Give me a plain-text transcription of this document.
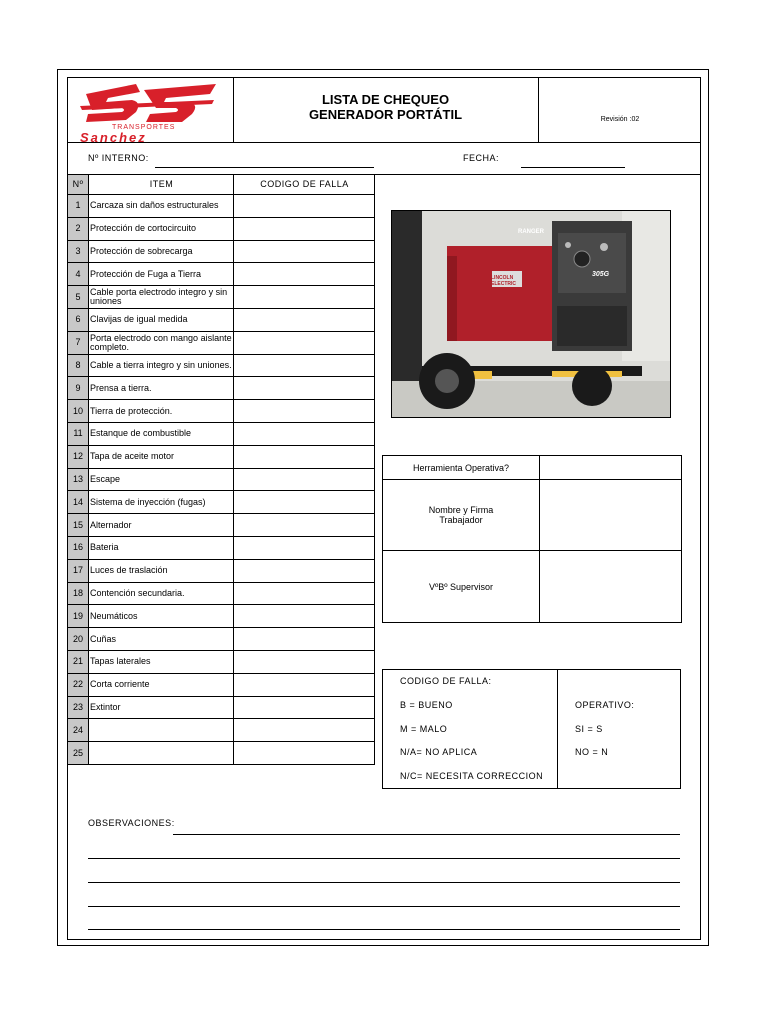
TRANSPORTES
Sanchez
LISTA DE CHEQUEO
GENERADOR PORTÁTIL	Revisión :02
Nº INTERNO:	FECHA:
Nº	ITEM	CODIGO DE FALLA
1	Carcaza sin daños estructurales	
2	Protección de cortocircuito	
3	Protección de sobrecarga	
4	Protección de Fuga a Tierra	
5	Cable porta electrodo integro y sin uniones	
6	Clavijas de igual medida	
7	Porta electrodo con mango aislante completo.	
8	Cable a tierra integro y sin uniones.	
9	Prensa a tierra.	
10	Tierra de protección.	
11	Estanque de combustible	
12	Tapa de aceite motor	
13	Escape	
14	Sistema de inyección (fugas)	
15	Alternador	
16	Bateria	
17	Luces de traslación	
18	Contención secundaria.	
19	Neumáticos	
20	Cuñas	
21	Tapas laterales	
22	Corta corriente	
23	Extintor	
24		
25		
RANGER
LINCOLN
ELECTRIC
305G
Herramienta Operativa?	
Nombre y Firma Trabajador	
VºBº Supervisor	
CODIGO DE FALLA:
B = BUENO
M = MALO
N/A= NO APLICA
N/C= NECESITA CORRECCION
OPERATIVO:
SI = S
NO = N
OBSERVACIONES:
